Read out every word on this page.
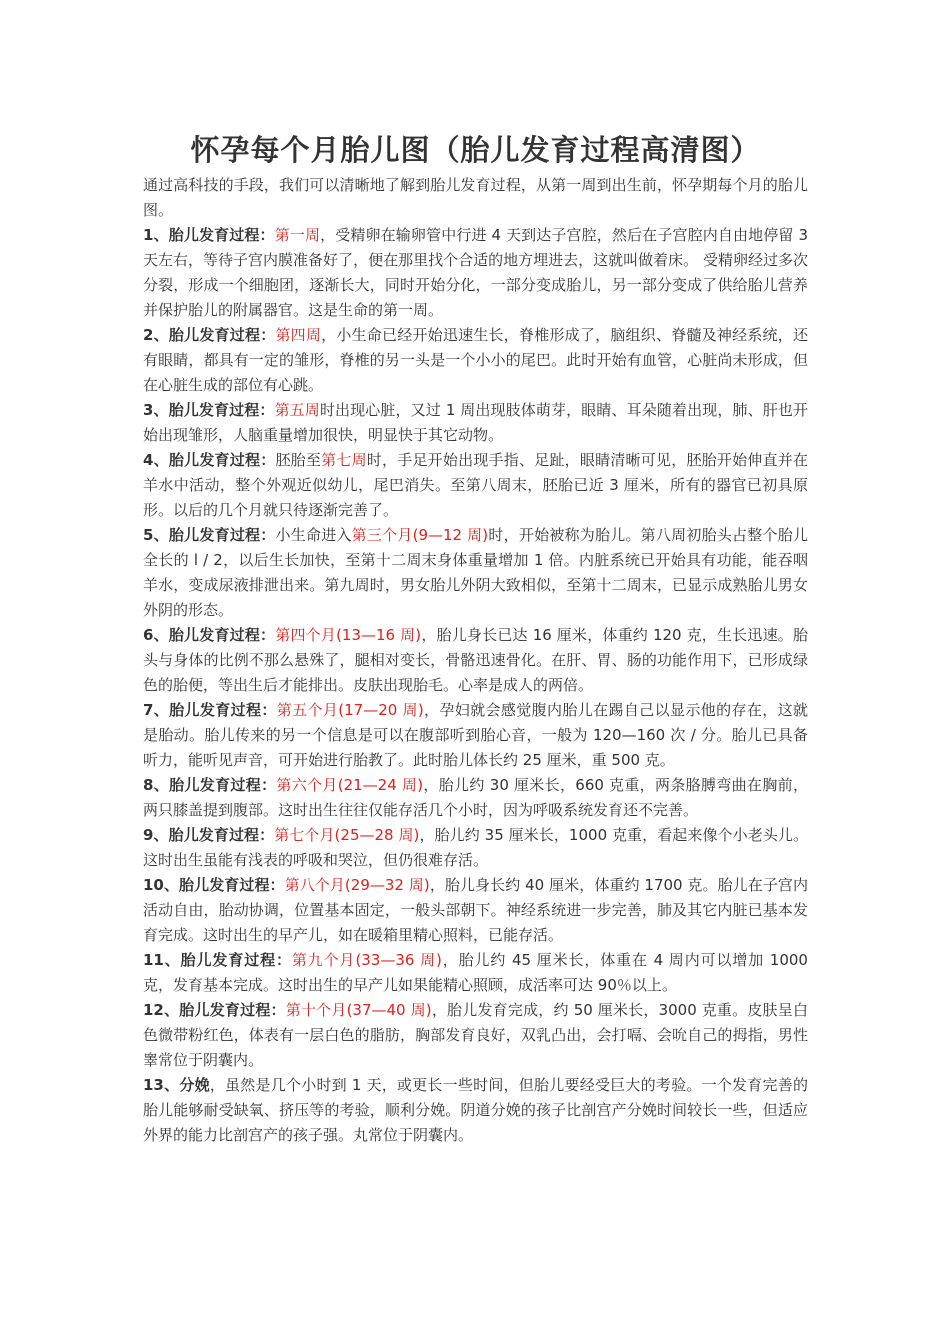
怀孕每个月胎儿图（胎儿发育过程高清图）

通过高科技的手段，我们可以清晰地了解到胎儿发育过程，从第一周到出生前，怀孕期每个月的胎儿图。

1、胎儿发育过程：第一周，受精卵在输卵管中行进 4 天到达子宫腔，然后在子宫腔内自由地停留 3 天左右，等待子宫内膜准备好了，便在那里找个合适的地方埋进去，这就叫做着床。 受精卵经过多次分裂，形成一个细胞团，逐渐长大，同时开始分化，一部分变成胎儿，另一部分变成了供给胎儿营养并保护胎儿的附属器官。这是生命的第一周。

2、胎儿发育过程：第四周，小生命已经开始迅速生长，脊椎形成了，脑组织、脊髓及神经系统，还有眼睛，都具有一定的雏形，脊椎的另一头是一个小小的尾巴。此时开始有血管，心脏尚未形成，但在心脏生成的部位有心跳。

3、胎儿发育过程：第五周时出现心脏，又过 1 周出现肢体萌芽，眼睛、耳朵随着出现，肺、肝也开始出现雏形，人脑重量增加很快，明显快于其它动物。

4、胎儿发育过程：胚胎至第七周时，手足开始出现手指、足趾，眼睛清晰可见，胚胎开始伸直并在羊水中活动，整个外观近似幼儿，尾巴消失。至第八周末，胚胎已近 3 厘米，所有的器官已初具原形。以后的几个月就只待逐渐完善了。

5、胎儿发育过程：小生命进入第三个月(9—12 周)时，开始被称为胎儿。第八周初胎头占整个胎儿全长的 l / 2，以后生长加快，至第十二周末身体重量增加 1 倍。内脏系统已开始具有功能，能吞咽羊水，变成尿液排泄出来。第九周时，男女胎儿外阴大致相似，至第十二周末，已显示成熟胎儿男女外阴的形态。

6、胎儿发育过程：第四个月(13—16 周)，胎儿身长已达 16 厘米，体重约 120 克，生长迅速。胎头与身体的比例不那么悬殊了，腿相对变长，骨骼迅速骨化。在肝、胃、肠的功能作用下，已形成绿色的胎便，等出生后才能排出。皮肤出现胎毛。心率是成人的两倍。

7、胎儿发育过程：第五个月(17—20 周)，孕妇就会感觉腹内胎儿在踢自己以显示他的存在，这就是胎动。胎儿传来的另一个信息是可以在腹部听到胎心音，一般为 120—160 次 / 分。胎儿已具备听力，能听见声音，可开始进行胎教了。此时胎儿体长约 25 厘米，重 500 克。

8、胎儿发育过程：第六个月(21—24 周)，胎儿约 30 厘米长，660 克重，两条胳膊弯曲在胸前，两只膝盖提到腹部。这时出生往往仅能存活几个小时，因为呼吸系统发育还不完善。

9、胎儿发育过程：第七个月(25—28 周)，胎儿约 35 厘米长，1000 克重，看起来像个小老头儿。这时出生虽能有浅表的呼吸和哭泣，但仍很难存活。

10、胎儿发育过程：第八个月(29—32 周)，胎儿身长约 40 厘米，体重约 1700 克。胎儿在子宫内活动自由，胎动协调，位置基本固定，一般头部朝下。神经系统进一步完善，肺及其它内脏已基本发育完成。这时出生的早产儿，如在暖箱里精心照料，已能存活。

11、胎儿发育过程：第九个月(33—36 周)，胎儿约 45 厘米长，体重在 4 周内可以增加 1000 克，发育基本完成。这时出生的早产儿如果能精心照顾，成活率可达 90％以上。

12、胎儿发育过程：第十个月(37—40 周)，胎儿发育完成，约 50 厘米长，3000 克重。皮肤呈白色微带粉红色，体表有一层白色的脂肪，胸部发育良好，双乳凸出，会打嗝、会吮自己的拇指，男性睾常位于阴囊内。

13、分娩，虽然是几个小时到 1 天，或更长一些时间，但胎儿要经受巨大的考验。一个发育完善的胎儿能够耐受缺氧、挤压等的考验，顺利分娩。阴道分娩的孩子比剖宫产分娩时间较长一些，但适应外界的能力比剖宫产的孩子强。丸常位于阴囊内。
